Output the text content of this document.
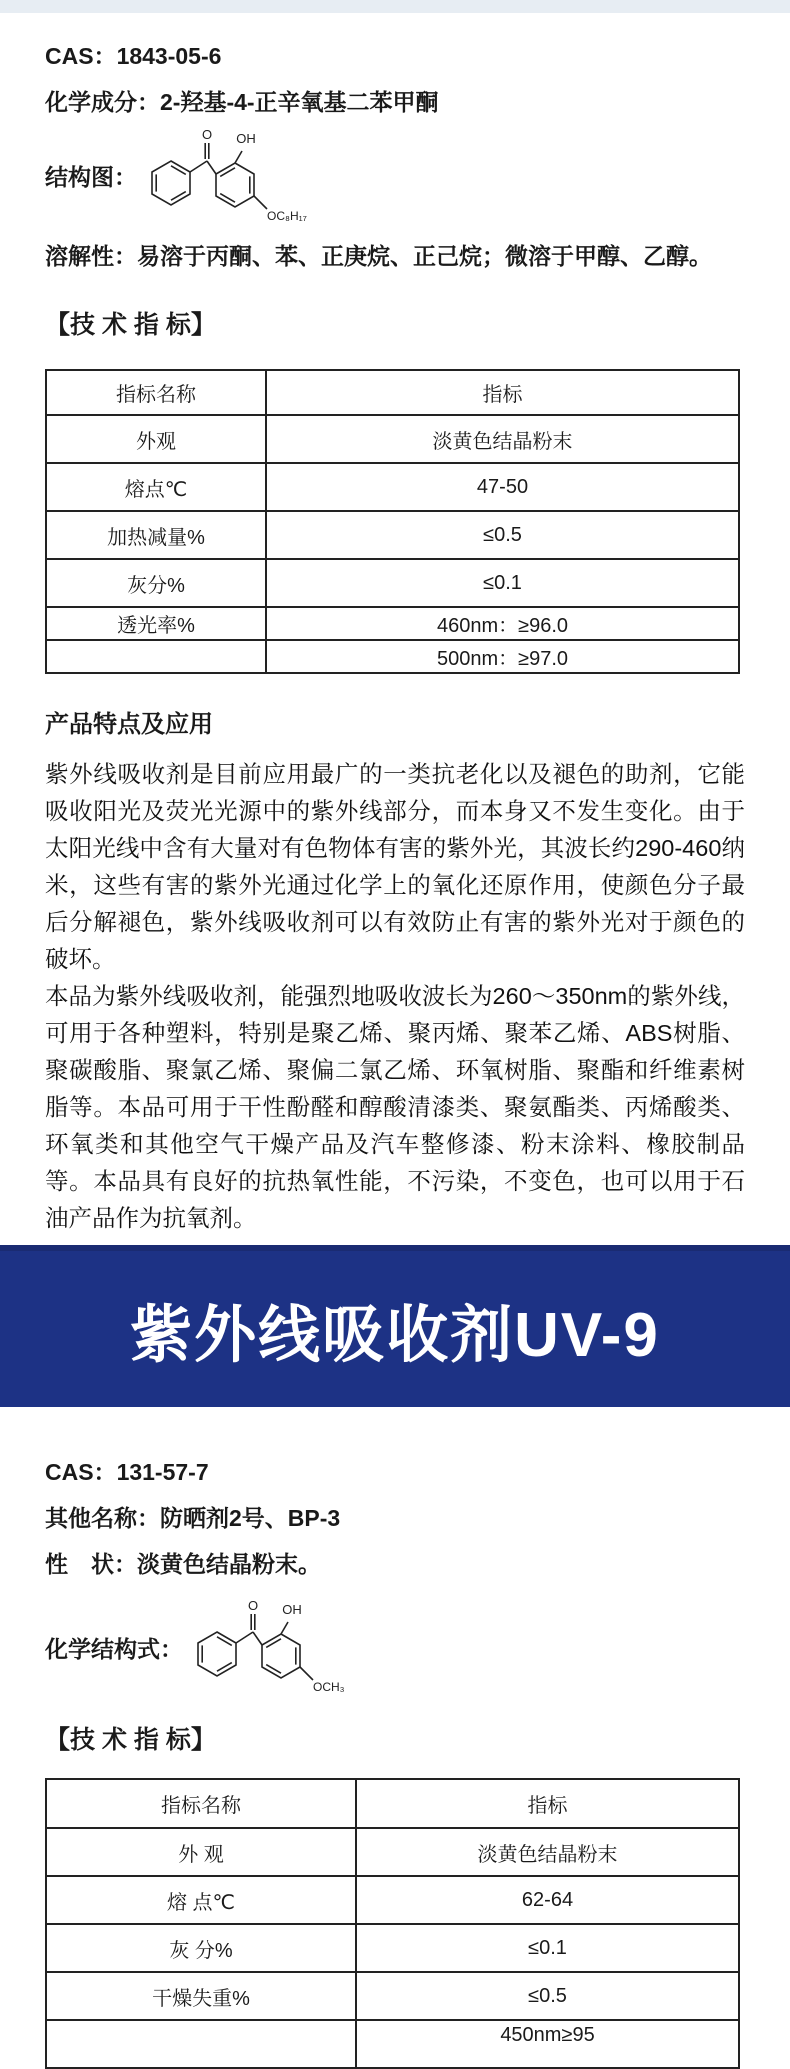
CAS：1843-05-6
化学成分：2-羟基-4-正辛氧基二苯甲酮
结构图：
O OH
OC₈H₁₇
溶解性：易溶于丙酮、苯、正庚烷、正己烷；微溶于甲醇、乙醇。
【技 术 指 标】
指标名称	指标
外观	淡黄色结晶粉末
熔点℃	47-50
加热减量%	≤0.5
灰分%	≤0.1
透光率%	460nm：≥96.0
	500nm：≥97.0
产品特点及应用

紫外线吸收剂是目前应用最广的一类抗老化以及褪色的助剂，它能吸收阳光及荧光光源中的紫外线部分，而本身又不发生变化。由于太阳光线中含有大量对有色物体有害的紫外光，其波长约290-460纳米，这些有害的紫外光通过化学上的氧化还原作用，使颜色分子最后分解褪色，紫外线吸收剂可以有效防止有害的紫外光对于颜色的破坏。

本品为紫外线吸收剂，能强烈地吸收波长为260～350nm的紫外线，可用于各种塑料，特别是聚乙烯、聚丙烯、聚苯乙烯、ABS树脂、聚碳酸脂、聚氯乙烯、聚偏二氯乙烯、环氧树脂、聚酯和纤维素树脂等。本品可用于干性酚醛和醇酸清漆类、聚氨酯类、丙烯酸类、环氧类和其他空气干燥产品及汽车整修漆、粉末涂料、橡胶制品等。本品具有良好的抗热氧性能，不污染，不变色，也可以用于石油产品作为抗氧剂。

紫外线吸收剂UV-9
CAS：131-57-7
其他名称：防晒剂2号、BP-3
性　状：淡黄色结晶粉末。
化学结构式：
O OH
OCH₃
【技 术 指 标】
指标名称	指标
外 观	淡黄色结晶粉末
熔 点℃	62-64
灰 分%	≤0.1
干燥失重%	≤0.5
	450nm≥95
